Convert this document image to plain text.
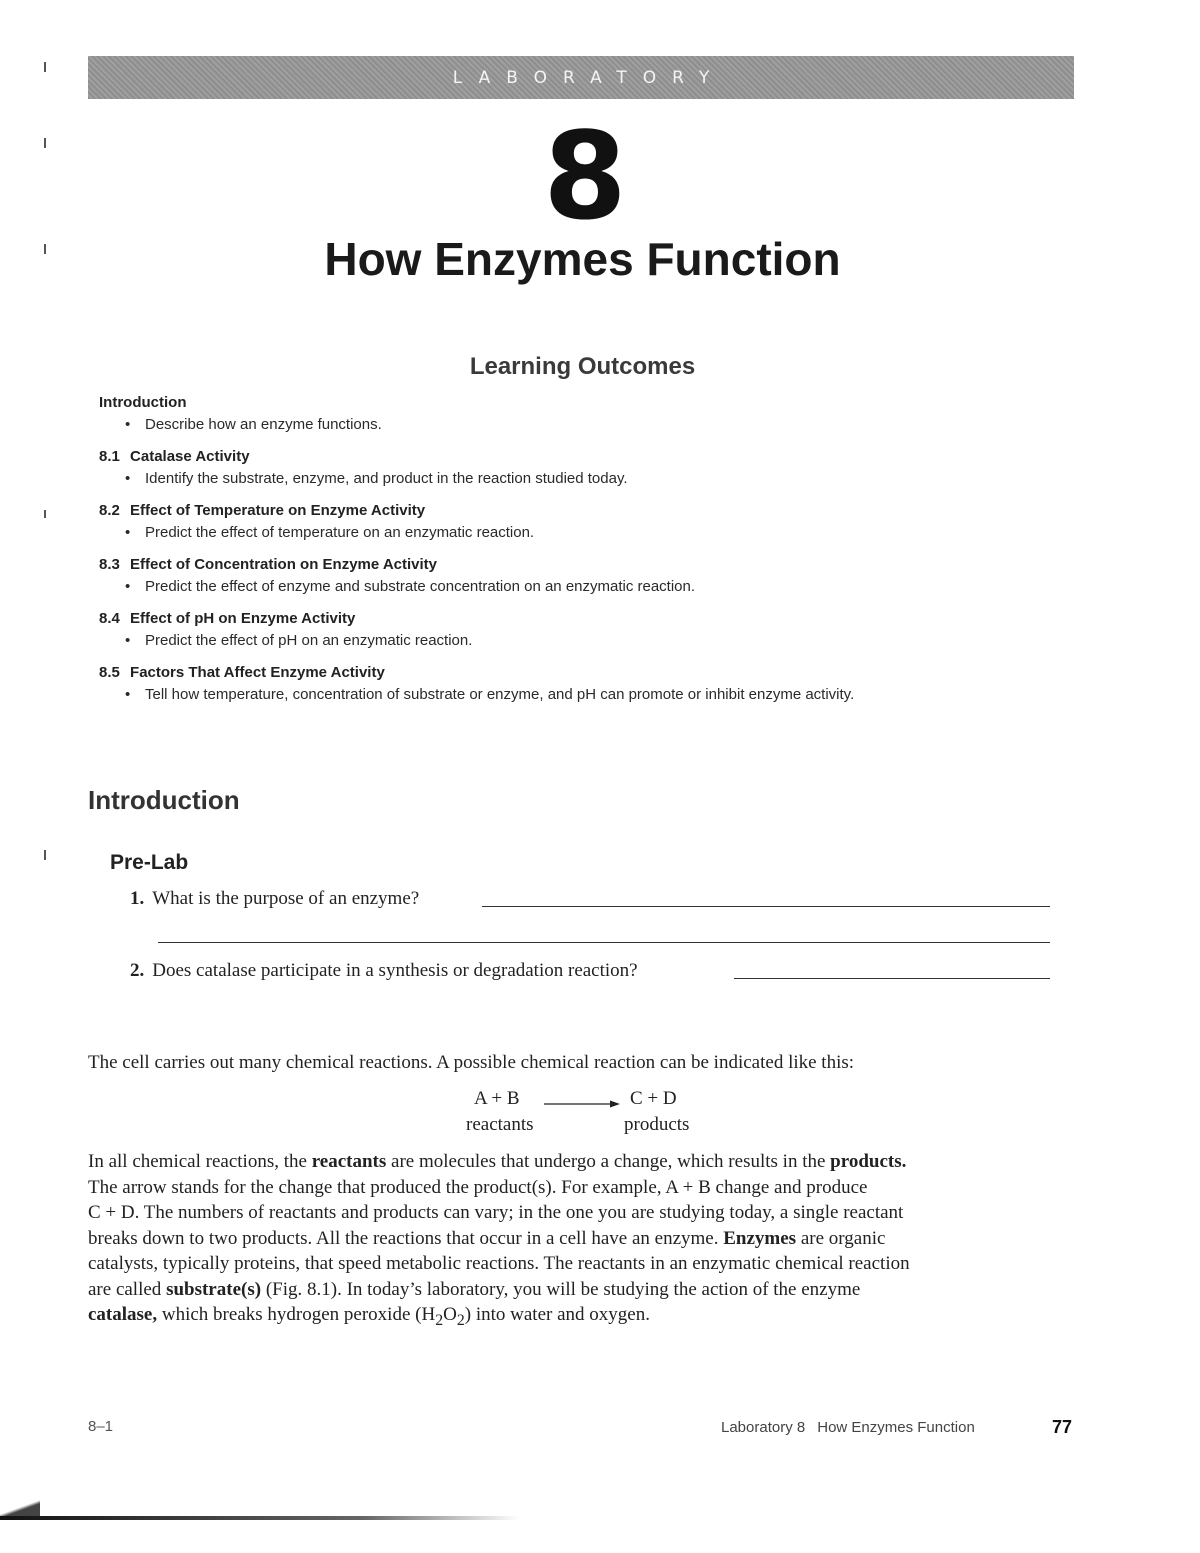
LABORATORY
8
How Enzymes Function
Learning Outcomes
Introduction
• Describe how an enzyme functions.
8.1 Catalase Activity
• Identify the substrate, enzyme, and product in the reaction studied today.
8.2 Effect of Temperature on Enzyme Activity
• Predict the effect of temperature on an enzymatic reaction.
8.3 Effect of Concentration on Enzyme Activity
• Predict the effect of enzyme and substrate concentration on an enzymatic reaction.
8.4 Effect of pH on Enzyme Activity
• Predict the effect of pH on an enzymatic reaction.
8.5 Factors That Affect Enzyme Activity
• Tell how temperature, concentration of substrate or enzyme, and pH can promote or inhibit enzyme activity.
Introduction
Pre-Lab
1. What is the purpose of an enzyme?
2. Does catalase participate in a synthesis or degradation reaction?
The cell carries out many chemical reactions. A possible chemical reaction can be indicated like this:
A + B	C + D
reactants	products

In all chemical reactions, the reactants are molecules that undergo a change, which results in the products.

The arrow stands for the change that produced the product(s). For example, A + B change and produce

C + D. The numbers of reactants and products can vary; in the one you are studying today, a single reactant

breaks down to two products. All the reactions that occur in a cell have an enzyme. Enzymes are organic

catalysts, typically proteins, that speed metabolic reactions. The reactants in an enzymatic chemical reaction

are called substrate(s) (Fig. 8.1). In today’s laboratory, you will be studying the action of the enzyme

catalase, which breaks hydrogen peroxide $(H_2O_2)$ into water and oxygen.

8–1	Laboratory 8 How Enzymes Function	77
